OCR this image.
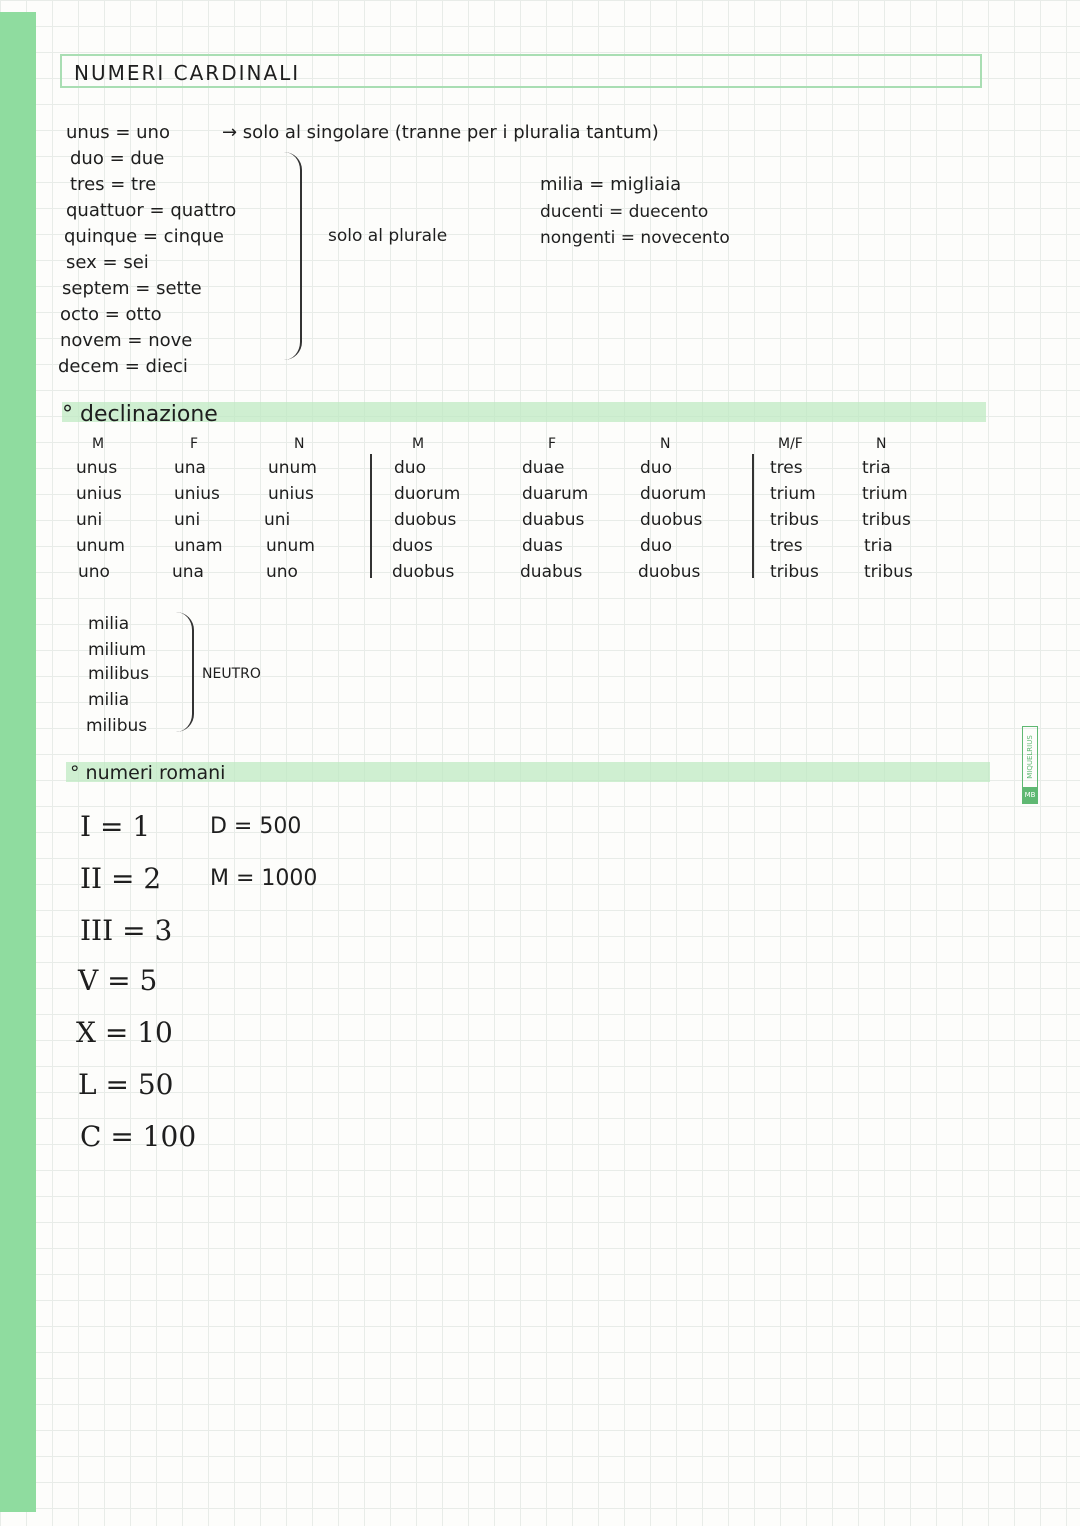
NUMERI CARDINALI
unus = uno	→ solo al singolare (tranne per i pluralia tantum)
duo = due
tres = tre
quattuor = quattro
quinque = cinque
sex = sei
septem = sette
octo = otto
novem = nove
decem = dieci
solo al plurale
milia = migliaia
ducenti = duecento
nongenti = novecento
° declinazione
M	F	N
unus	una	unum
unius	unius	unius
uni	uni	uni
unum	unam	unum
uno	una	uno
M	F	N
duo	duae	duo
duorum	duarum	duorum
duobus	duabus	duobus
duos	duas	duo
duobus	duabus	duobus
M/F	N
tres	tria
trium	trium
tribus	tribus
tres	tria
tribus	tribus
milia
milium
milibus
milia
milibus
NEUTRO
° numeri romani
I = 1
II = 2
III = 3
V = 5
X = 10
L = 50
C = 100
D = 500
M = 1000
MIQUELRIUS
MB
